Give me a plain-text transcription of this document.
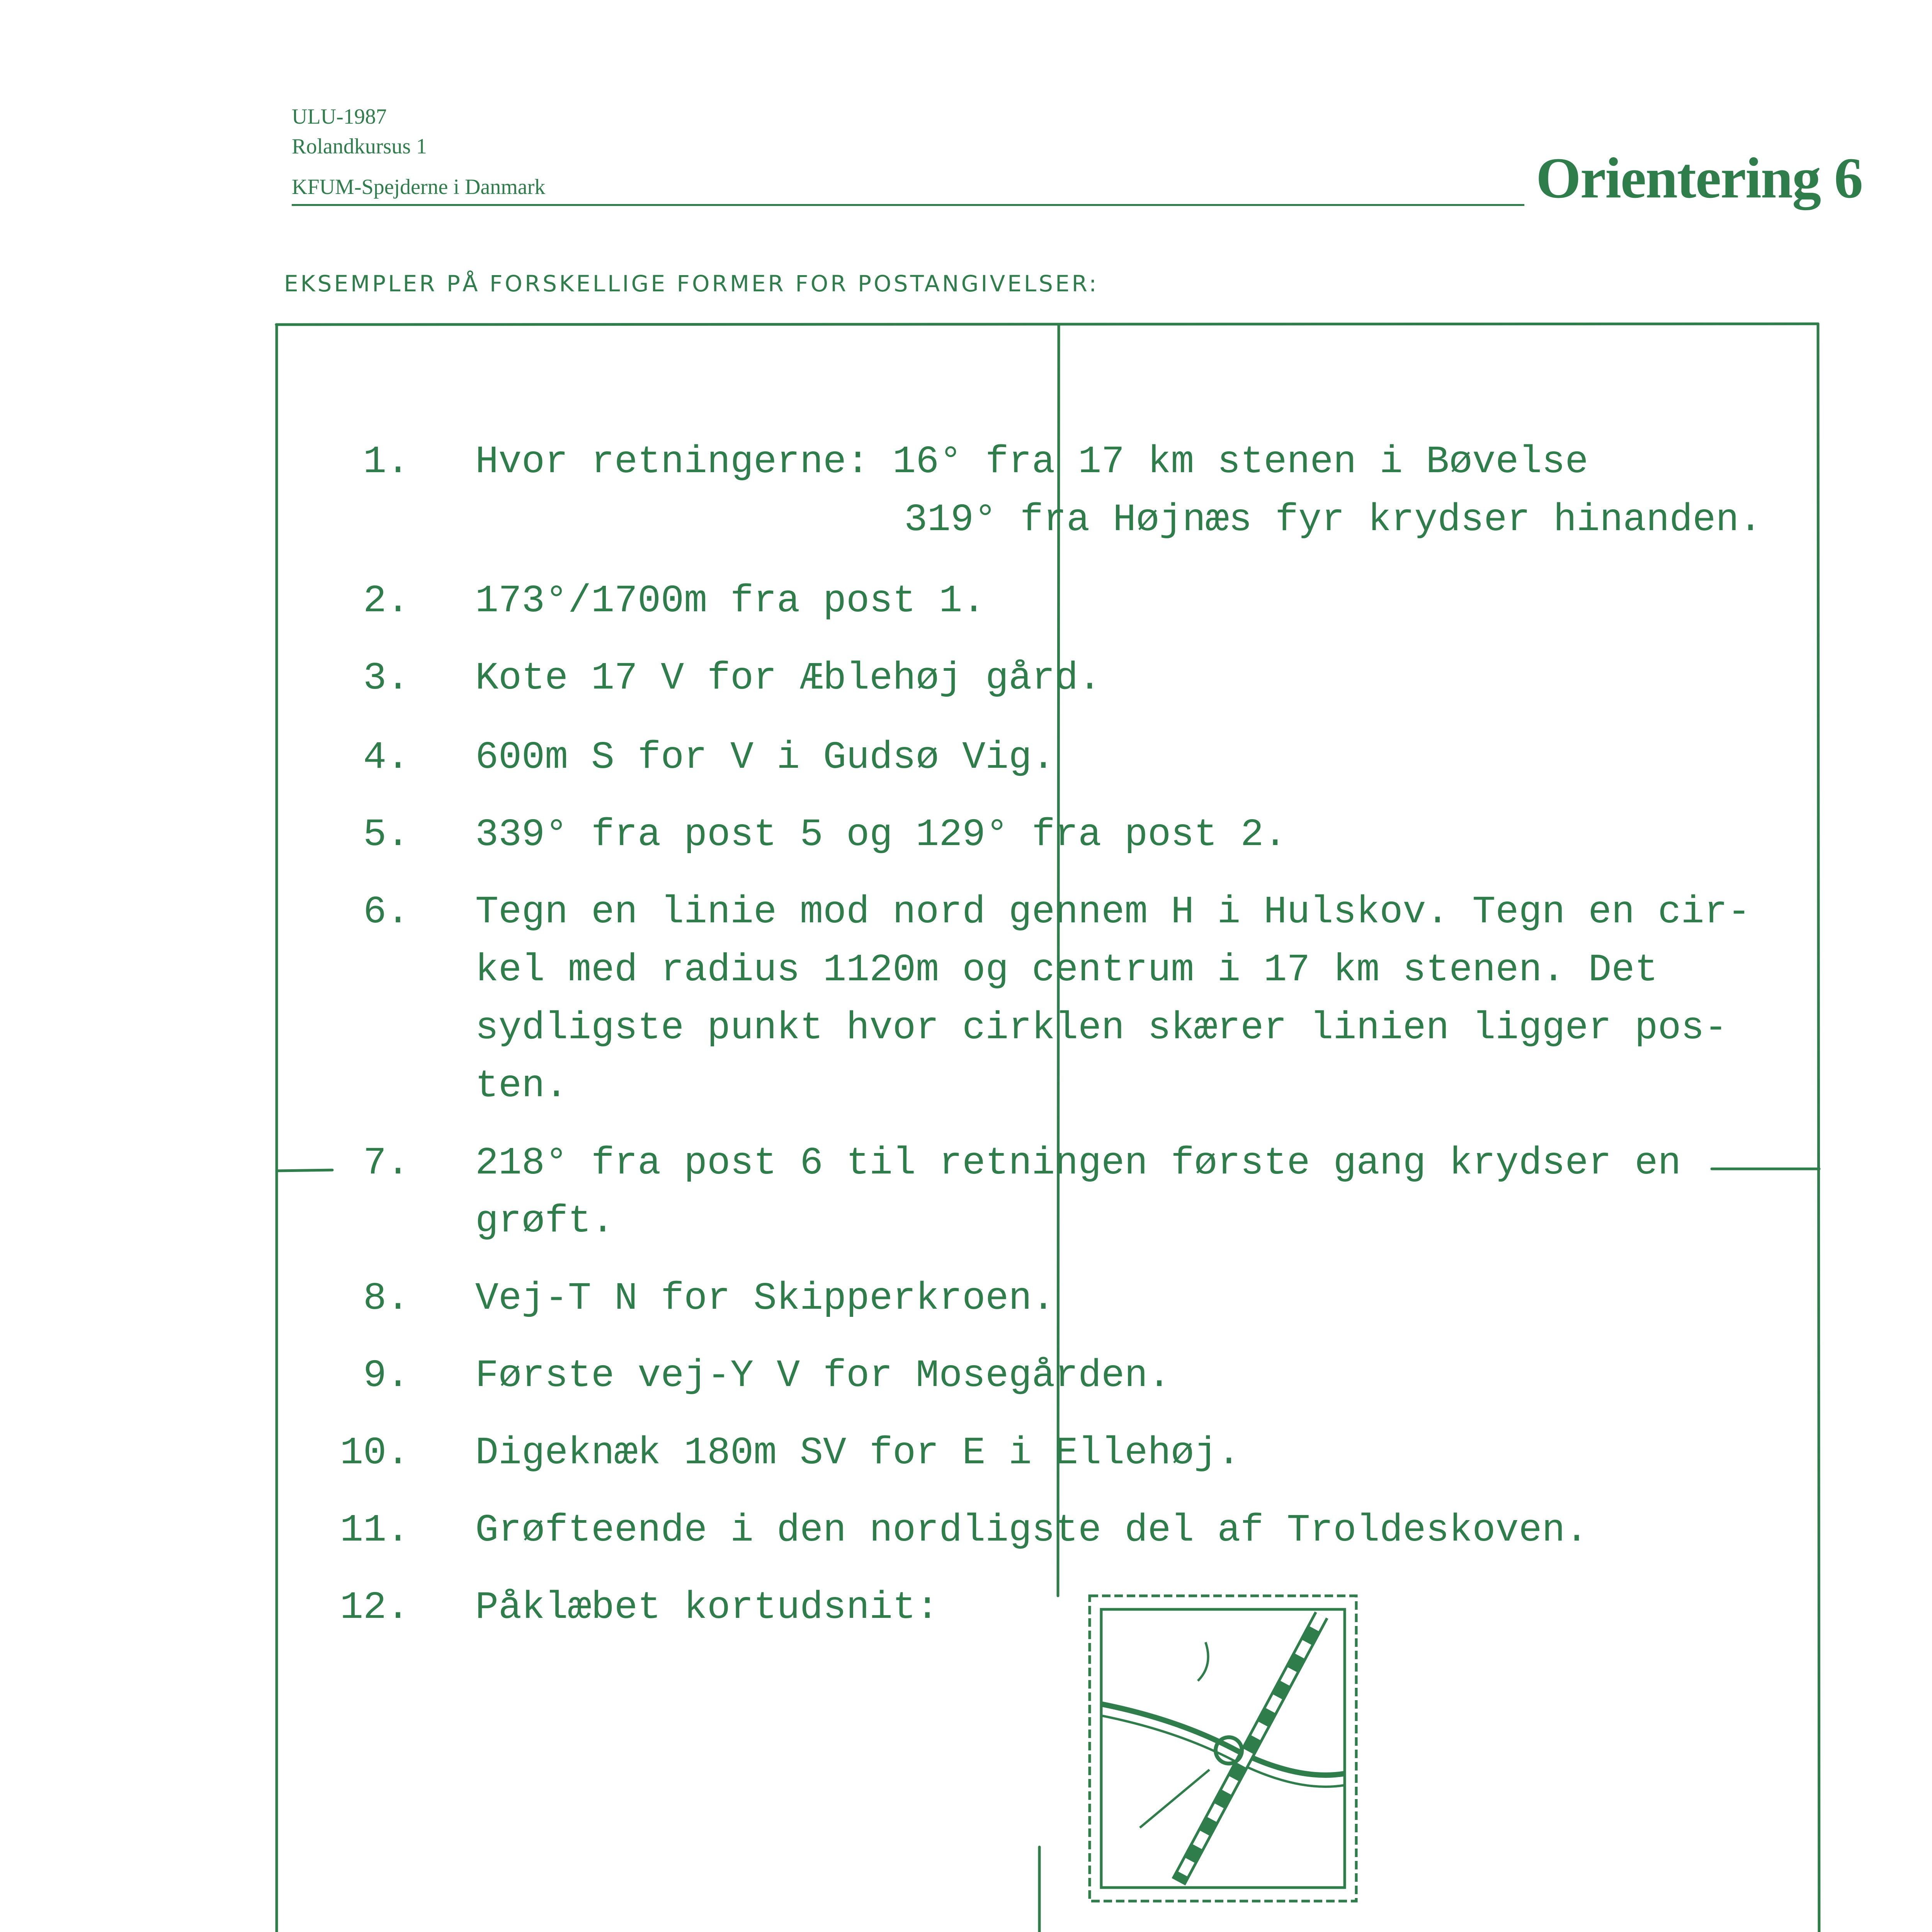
ULU-1987
Rolandkursus 1
KFUM-Spejderne i Danmark	Orientering 6
EKSEMPLER PÅ FORSKELLIGE FORMER FOR POSTANGIVELSER:
1. Hvor retningerne: 16° fra 17 km stenen i Bøvelse
319° fra Højnæs fyr krydser hinanden.
2. 173°/1700m fra post 1.
3. Kote 17 V for Æblehøj gård.
4. 600m S for V i Gudsø Vig.
5. 339° fra post 5 og 129° fra post 2.
6. Tegn en linie mod nord gennem H i Hulskov. Tegn en cir-
kel med radius 1120m og centrum i 17 km stenen. Det
sydligste punkt hvor cirklen skærer linien ligger pos-
ten.
7. 218° fra post 6 til retningen første gang krydser en
grøft.
8. Vej-T N for Skipperkroen.
9. Første vej-Y V for Mosegården.
10. Digeknæk 180m SV for E i Ellehøj.
11. Grøfteende i den nordligste del af Troldeskoven.
12. Påklæbet kortudsnit:
